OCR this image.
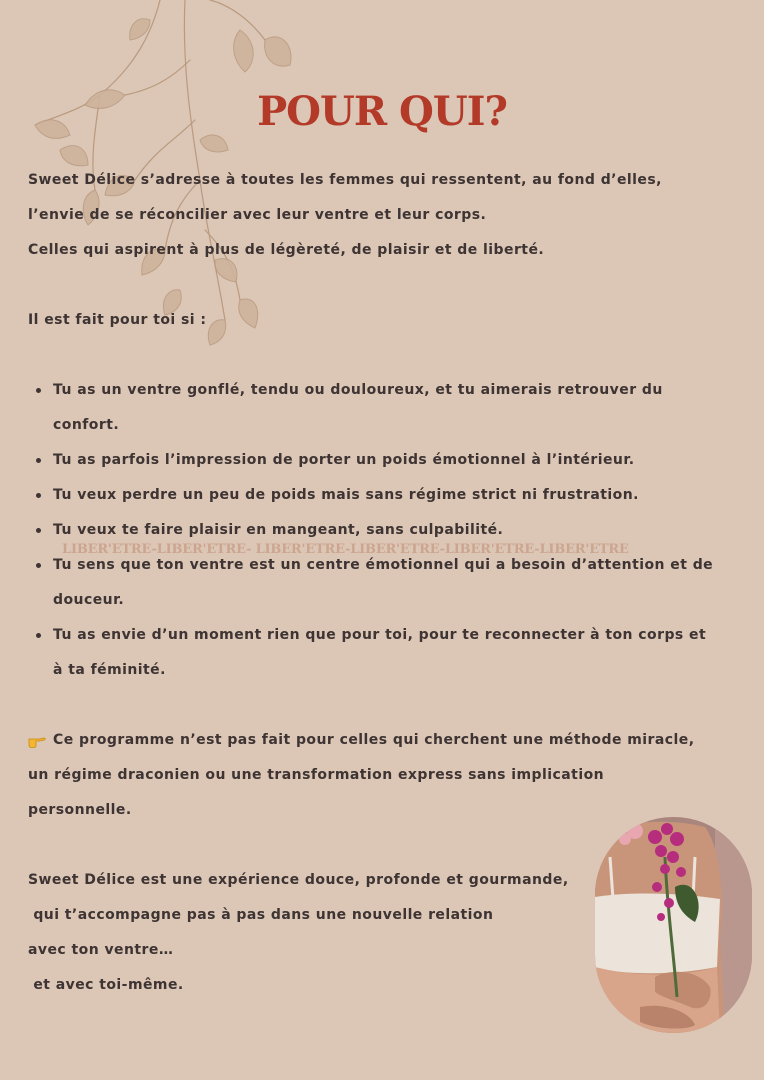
POUR QUI?
Sweet Délice s’adresse à toutes les femmes qui ressentent, au fond d’elles,
l’envie de se réconcilier avec leur ventre et leur corps.
Celles qui aspirent à plus de légèreté, de plaisir et de liberté.
Il est fait pour toi si :
Tu as un ventre gonflé, tendu ou douloureux, et tu aimerais retrouver du
confort.
Tu as parfois l’impression de porter un poids émotionnel à l’intérieur.
Tu veux perdre un peu de poids mais sans régime strict ni frustration.
Tu veux te faire plaisir en mangeant, sans culpabilité.
LIBER'ETRE-LIBER'ETRE- LIBER'ETRE-LIBER'ETRE-LIBER'ETRE-LIBER'ETRE
Tu sens que ton ventre est un centre émotionnel qui a besoin d’attention et de
douceur.
Tu as envie d’un moment rien que pour toi, pour te reconnecter à ton corps et
à ta féminité.
Ce programme n’est pas fait pour celles qui cherchent une méthode miracle,
un régime draconien ou une transformation express sans implication
personnelle.
Sweet Délice est une expérience douce, profonde et gourmande,
qui t’accompagne pas à pas dans une nouvelle relation
avec ton ventre…
et avec toi-même.
